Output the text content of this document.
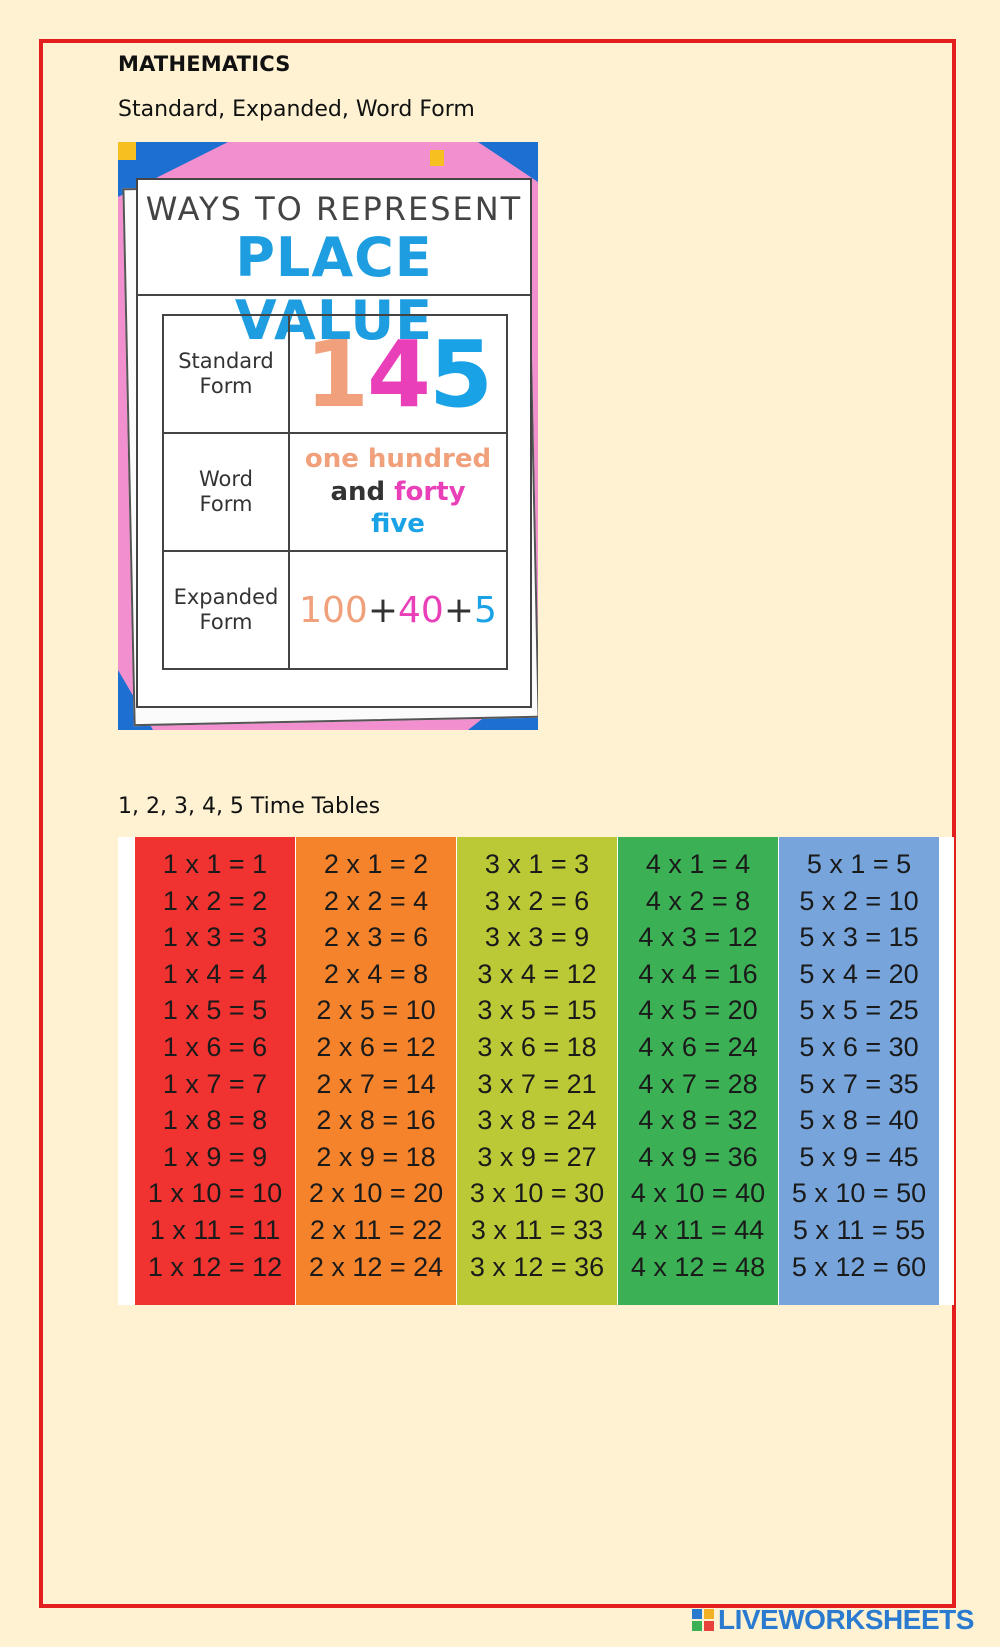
MATHEMATICS
Standard, Expanded, Word Form
WAYS TO REPRESENT
PLACE VALUE
Standard
Form 1 4 5
Word
Form
one hundred
and forty
five
Expanded
Form	100 + 40 + 5
1, 2, 3, 4, 5 Time Tables
1 x 1 = 1
1 x 2 = 2
1 x 3 = 3
1 x 4 = 4
1 x 5 = 5
1 x 6 = 6
1 x 7 = 7
1 x 8 = 8
1 x 9 = 9
1 x 10 = 10
1 x 11 = 11
1 x 12 = 12
2 x 1 = 2
2 x 2 = 4
2 x 3 = 6
2 x 4 = 8
2 x 5 = 10
2 x 6 = 12
2 x 7 = 14
2 x 8 = 16
2 x 9 = 18
2 x 10 = 20
2 x 11 = 22
2 x 12 = 24
3 x 1 = 3
3 x 2 = 6
3 x 3 = 9
3 x 4 = 12
3 x 5 = 15
3 x 6 = 18
3 x 7 = 21
3 x 8 = 24
3 x 9 = 27
3 x 10 = 30
3 x 11 = 33
3 x 12 = 36
4 x 1 = 4
4 x 2 = 8
4 x 3 = 12
4 x 4 = 16
4 x 5 = 20
4 x 6 = 24
4 x 7 = 28
4 x 8 = 32
4 x 9 = 36
4 x 10 = 40
4 x 11 = 44
4 x 12 = 48
5 x 1 = 5
5 x 2 = 10
5 x 3 = 15
5 x 4 = 20
5 x 5 = 25
5 x 6 = 30
5 x 7 = 35
5 x 8 = 40
5 x 9 = 45
5 x 10 = 50
5 x 11 = 55
5 x 12 = 60
LIVEWORKSHEETS
